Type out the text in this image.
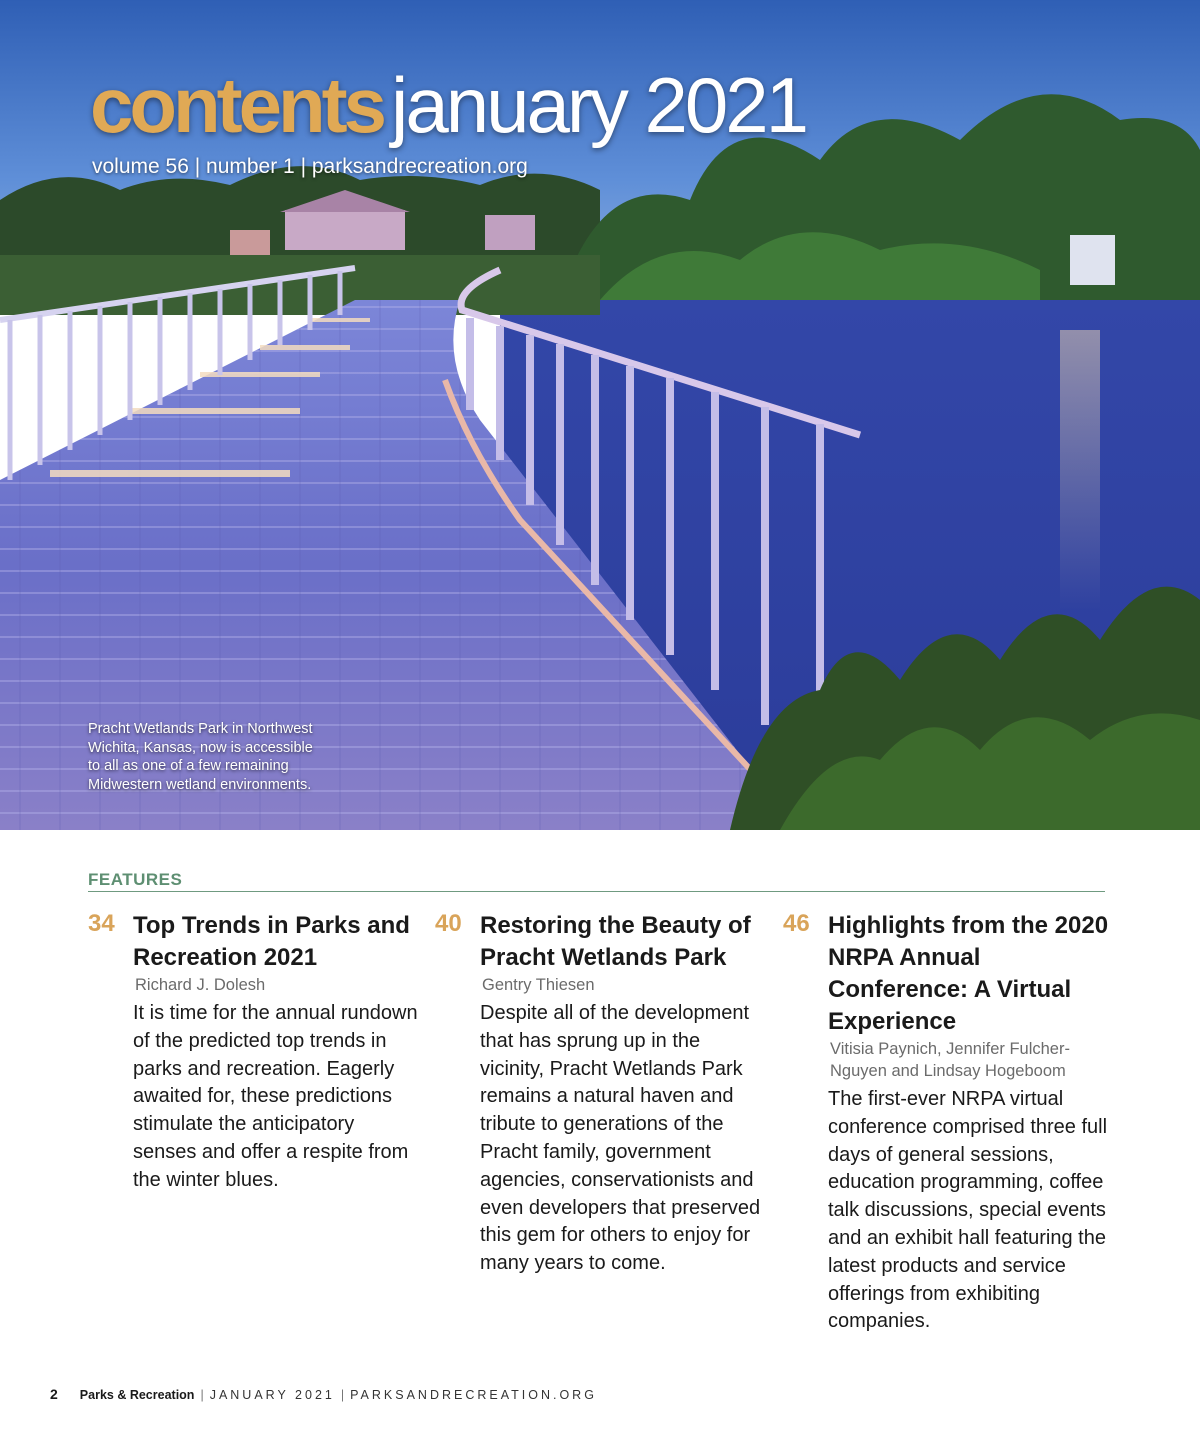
contents january 2021
volume 56 | number 1 | parksandrecreation.org
Pracht Wetlands Park in Northwest Wichita, Kansas, now is accessible to all as one of a few remaining Midwestern wetland environments.
FEATURES
34 Top Trends in Parks and Recreation 2021
Richard J. Dolesh
It is time for the annual rundown of the predicted top trends in parks and recreation. Eagerly awaited for, these predictions stimulate the anticipatory senses and offer a respite from the winter blues.
40 Restoring the Beauty of Pracht Wetlands Park
Gentry Thiesen
Despite all of the development that has sprung up in the vicinity, Pracht Wetlands Park remains a natural haven and tribute to generations of the Pracht family, government agencies, conservationists and even developers that preserved this gem for others to enjoy for many years to come.
46 Highlights from the 2020 NRPA Annual Conference: A Virtual Experience
Vitisia Paynich, Jennifer Fulcher-Nguyen and Lindsay Hogeboom
The first-ever NRPA virtual conference comprised three full days of general sessions, education programming, coffee talk discussions, special events and an exhibit hall featuring the latest products and service offerings from exhibiting companies.
2 Parks & Recreation | JANUARY 2021 | PARKSANDRECREATION.ORG
